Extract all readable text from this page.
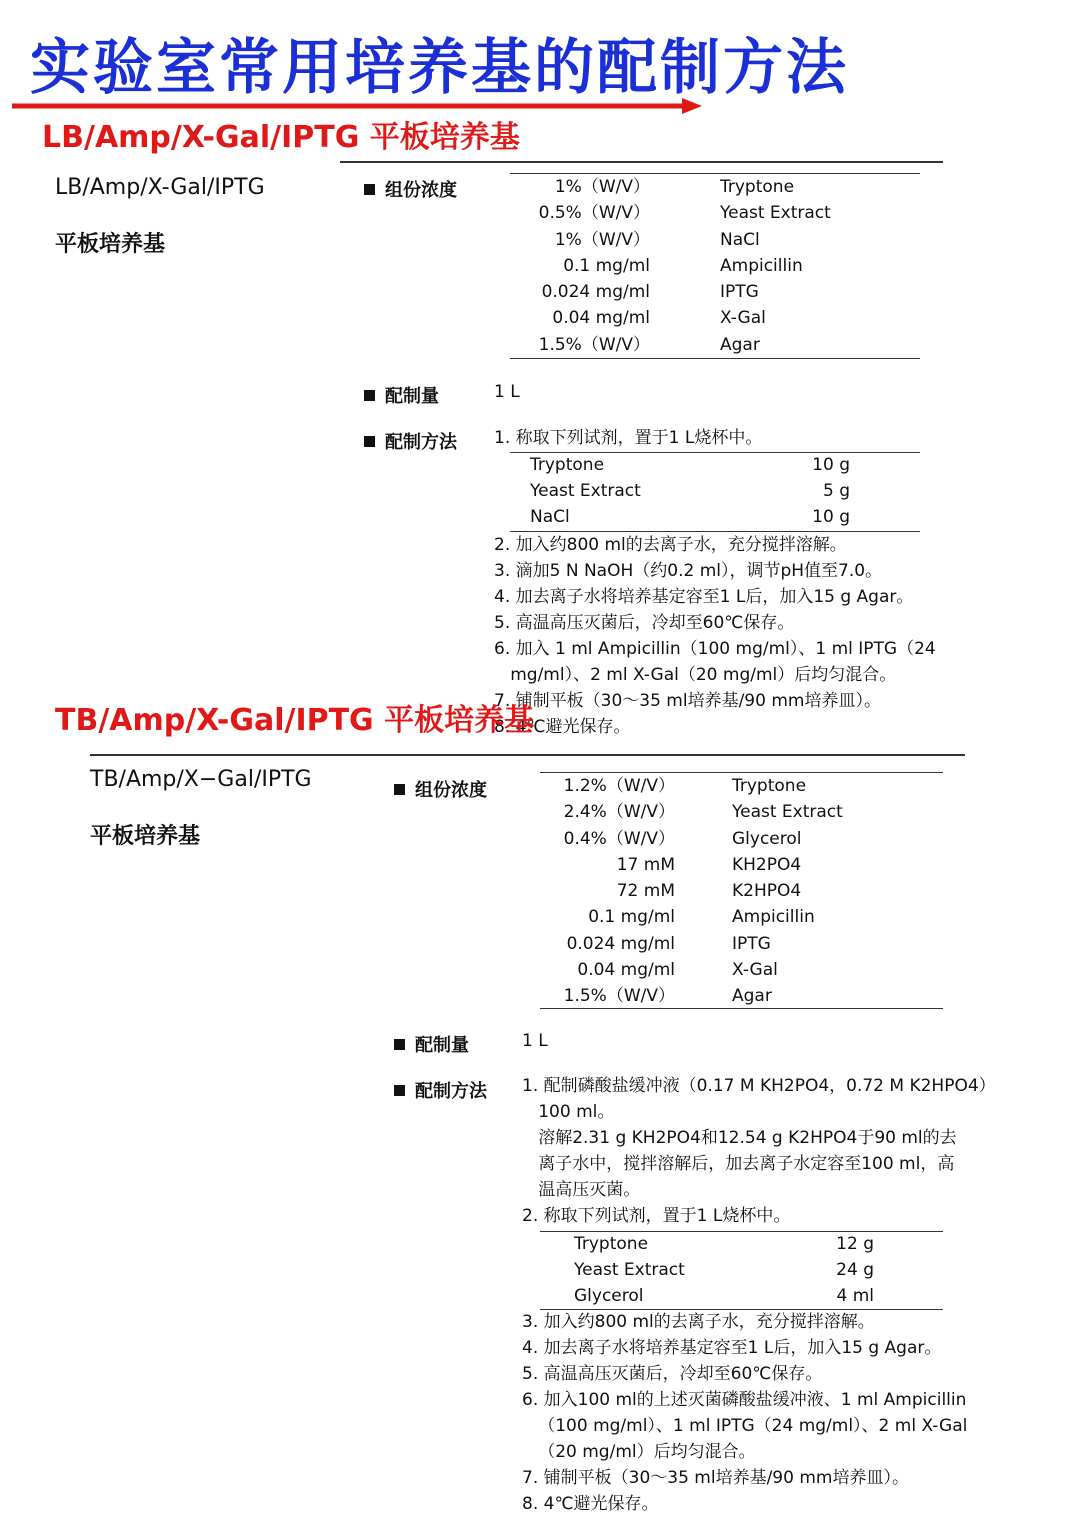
实验室常用培养基的配制方法
LB/Amp/X-Gal/IPTG 平板培养基
LB/Amp/X-Gal/IPTG
平板培养基
组份浓度	1%（W/V）	Tryptone
0.5%（W/V）	Yeast Extract
1%（W/V）	NaCl
0.1 mg/ml	Ampicillin
0.024 mg/ml	IPTG
0.04 mg/ml	X-Gal
1.5%（W/V）	Agar
配制量	1 L
配制方法 1. 称取下列试剂，置于1 L烧杯中。
Tryptone	10 g
Yeast Extract	5 g
NaCl	10 g
2. 加入约800 ml的去离子水，充分搅拌溶解。
3. 滴加5 N NaOH（约0.2 ml），调节pH值至7.0。
4. 加去离子水将培养基定容至1 L后，加入15 g Agar。
5. 高温高压灭菌后，冷却至60℃保存。
6. 加入 1 ml Ampicillin（100 mg/ml）、1 ml IPTG（24
mg/ml）、2 ml X-Gal（20 mg/ml）后均匀混合。
7. 铺制平板（30～35 ml培养基/90 mm培养皿）。
8. 4℃避光保存。
TB/Amp/X-Gal/IPTG 平板培养基
TB/Amp/X−Gal/IPTG
平板培养基
组份浓度	1.2%（W/V）	Tryptone
2.4%（W/V）	Yeast Extract
0.4%（W/V）	Glycerol
17 mM	KH2PO4
72 mM	K2HPO4
0.1 mg/ml	Ampicillin
0.024 mg/ml	IPTG
0.04 mg/ml	X-Gal
1.5%（W/V）	Agar
配制量	1 L
配制方法 1. 配制磷酸盐缓冲液（0.17 M KH2PO4，0.72 M K2HPO4）
100 ml。
溶解2.31 g KH2PO4和12.54 g K2HPO4于90 ml的去
离子水中，搅拌溶解后，加去离子水定容至100 ml，高
温高压灭菌。
2. 称取下列试剂，置于1 L烧杯中。
Tryptone	12 g
Yeast Extract	24 g
Glycerol	4 ml
3. 加入约800 ml的去离子水，充分搅拌溶解。
4. 加去离子水将培养基定容至1 L后，加入15 g Agar。
5. 高温高压灭菌后，冷却至60℃保存。
6. 加入100 ml的上述灭菌磷酸盐缓冲液、1 ml Ampicillin
（100 mg/ml）、1 ml IPTG（24 mg/ml）、2 ml X-Gal
（20 mg/ml）后均匀混合。
7. 铺制平板（30～35 ml培养基/90 mm培养皿）。
8. 4℃避光保存。
